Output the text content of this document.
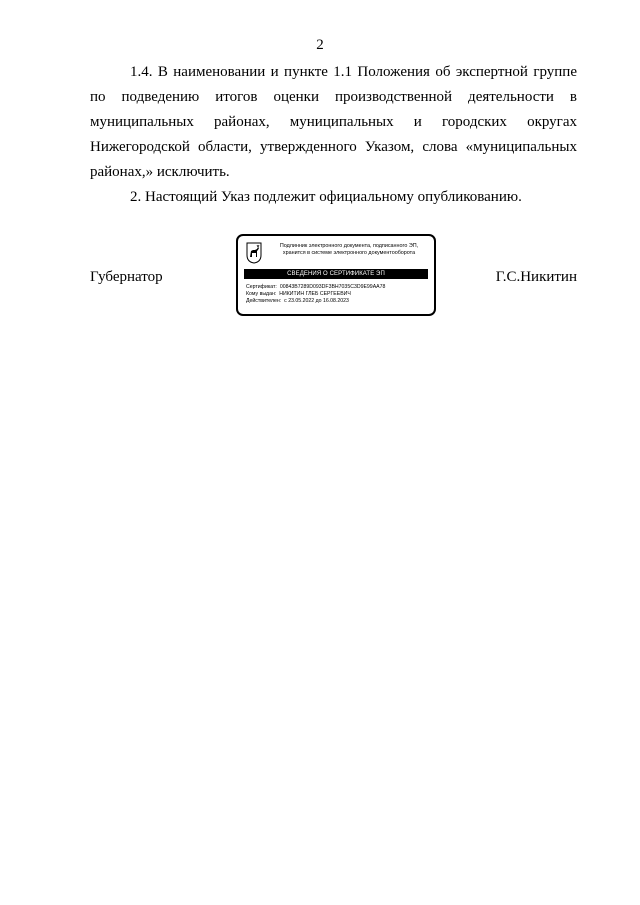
2

1.4. В наименовании и пункте 1.1 Положения об экспертной группе по подведению итогов оценки производственной деятельности в муниципальных районах, муниципальных и городских округах Нижегородской области, утвержденного Указом, слова «муниципальных районах,» исключить.

2. Настоящий Указ подлежит официальному опубликованию.

Губернатор
Подлинник электронного документа, подписанного ЭП,
хранится в системе электронного документооборота
СВЕДЕНИЯ О СЕРТИФИКАТЕ ЭП
Сертификат: 00843B7289D093DF3BH7035C3D9E99AA78
Кому выдан: НИКИТИН ГЛЕБ СЕРГЕЕВИЧ
Действителен: с 23.05.2022 до 16.08.2023
Г.С.Никитин
